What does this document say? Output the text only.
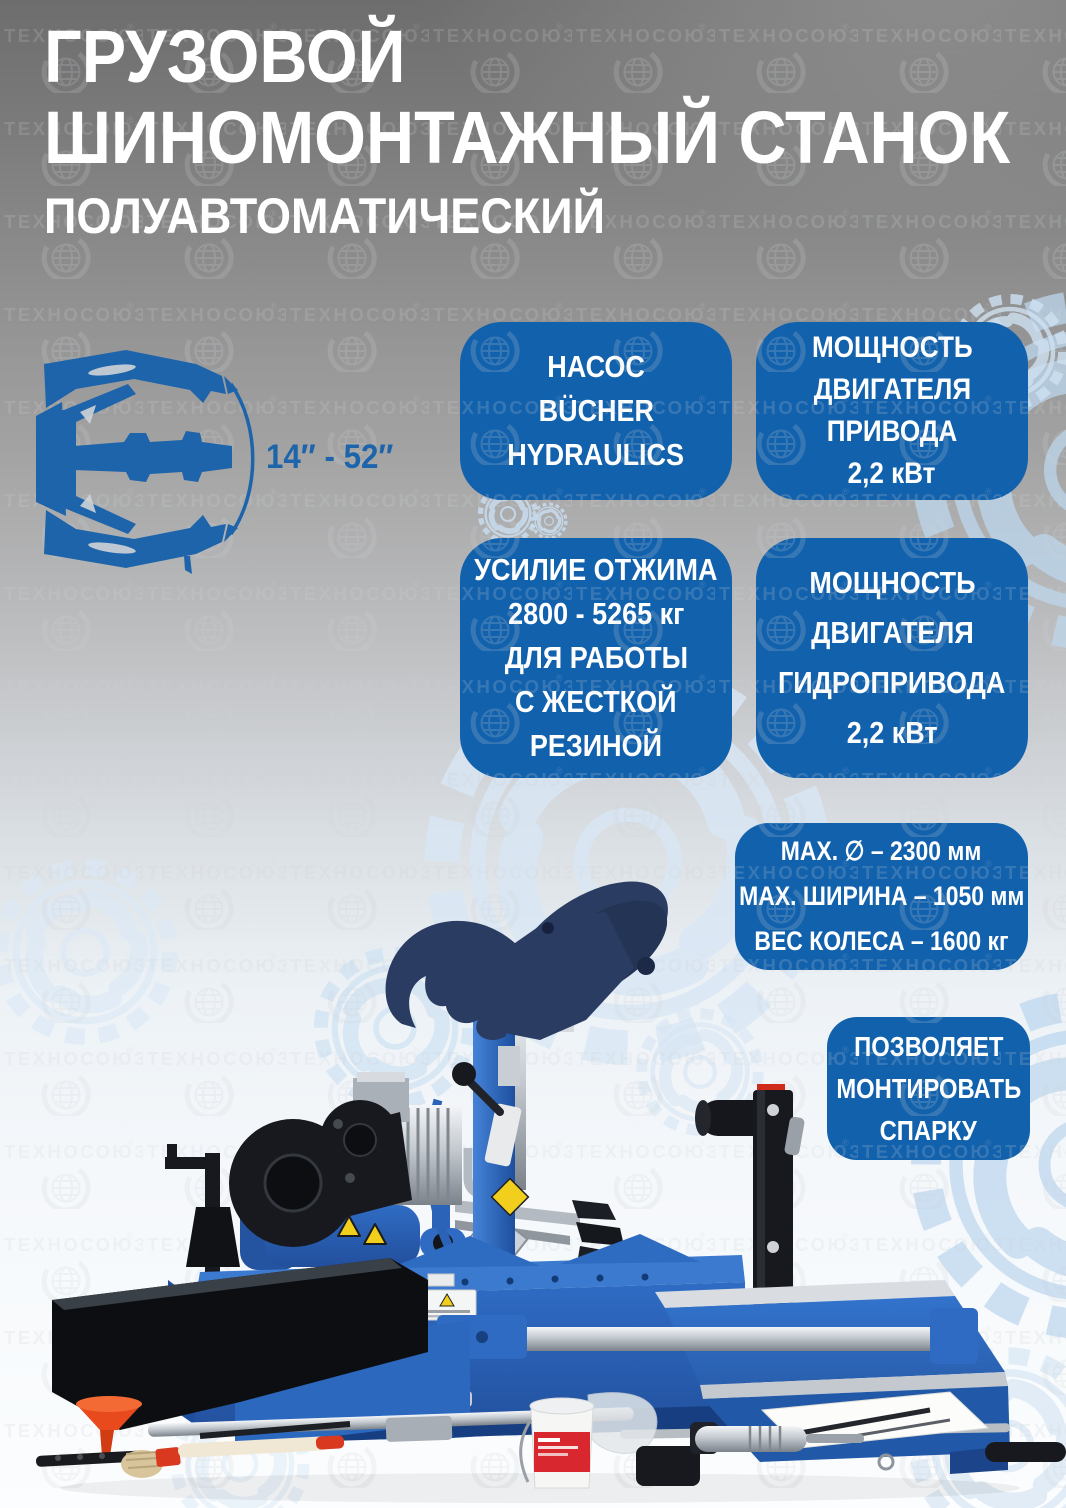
НАСОС
BÜCHER
HYDRAULICS
МОЩНОСТЬ
ДВИГАТЕЛЯ
ПРИВОДА
2,2 кВт
УСИЛИЕ ОТЖИМА
2800 - 5265 кг
ДЛЯ РАБОТЫ
С ЖЕСТКОЙ
РЕЗИНОЙ
МОЩНОСТЬ
ДВИГАТЕЛЯ
ГИДРОПРИВОДА
2,2 кВт
MAX. ∅ – 2300 мм
MAX. ШИРИНА – 1050 мм
ВЕС КОЛЕСА – 1600 кг
ПОЗВОЛЯЕТ
МОНТИРОВАТЬ
СПАРКУ
ГРУЗОВОЙ
ШИНОМОНТАЖНЫЙ СТАНОК
ПОЛУАВТОМАТИЧЕСКИЙ
14″ - 52″
